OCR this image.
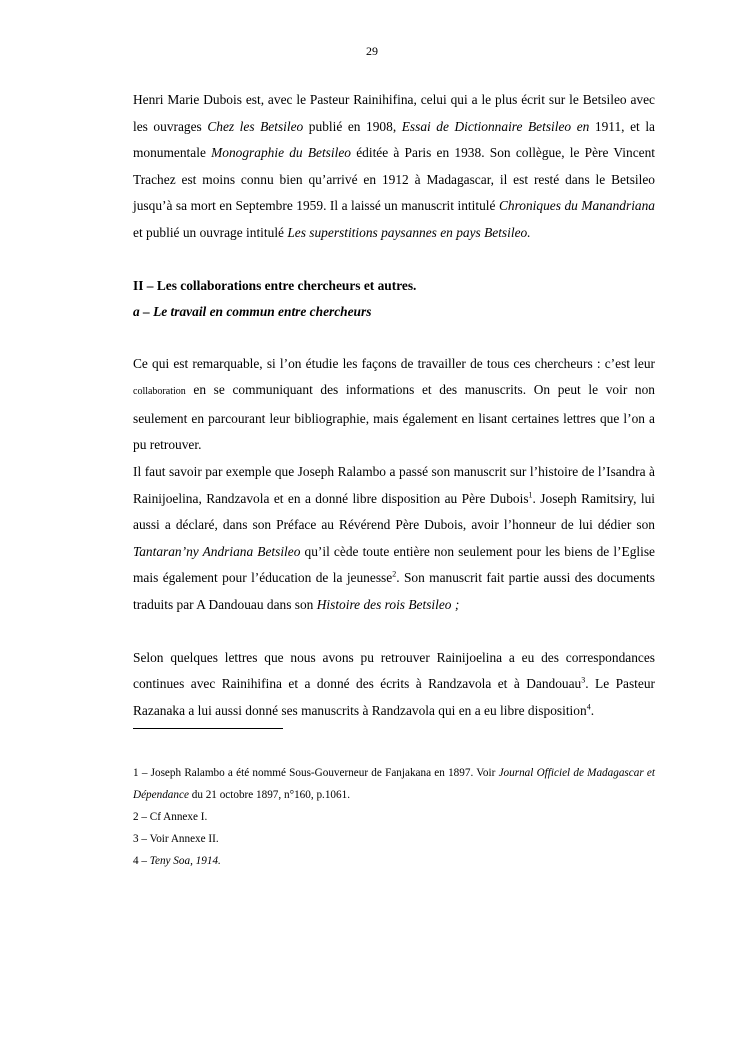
29

Henri Marie Dubois est, avec le Pasteur Rainihifina, celui qui a le plus écrit sur le Betsileo avec les ouvrages Chez les Betsileo publié en 1908, Essai de Dictionnaire Betsileo en 1911, et la monumentale Monographie du Betsileo éditée à Paris en 1938. Son collègue, le Père Vincent Trachez est moins connu bien qu’arrivé en 1912 à Madagascar, il est resté dans le Betsileo jusqu’à sa mort en Septembre 1959. Il a laissé un manuscrit intitulé Chroniques du Manandriana et publié un ouvrage intitulé Les superstitions paysannes en pays Betsileo.

II – Les collaborations entre chercheurs et autres.
a – Le travail en commun entre chercheurs

Ce qui est remarquable, si l’on étudie les façons de travailler de tous ces chercheurs : c’est leur collaboration en se communiquant des informations et des manuscrits. On peut le voir non seulement en parcourant leur bibliographie, mais également en lisant certaines lettres que l’on a pu retrouver.

Il faut savoir par exemple que Joseph Ralambo a passé son manuscrit sur l’histoire de l’Isandra à Rainijoelina, Randzavola et en a donné libre disposition au Père Dubois$^1$. Joseph Ramitsiry, lui aussi a déclaré, dans son Préface au Révérend Père Dubois, avoir l’honneur de lui dédier son Tantaran’ny Andriana Betsileo qu’il cède toute entière non seulement pour les biens de l’Eglise mais également pour l’éducation de la jeunesse$^2$. Son manuscrit fait partie aussi des documents traduits par A Dandouau dans son Histoire des rois Betsileo ;

Selon quelques lettres que nous avons pu retrouver Rainijoelina a eu des correspondances continues avec Rainihifina et a donné des écrits à Randzavola et à Dandouau$^3$. Le Pasteur Razanaka a lui aussi donné ses manuscrits à Randzavola qui en a eu libre disposition$^4$.

1 – Joseph Ralambo a été nommé Sous-Gouverneur de Fanjakana en 1897. Voir Journal Officiel de Madagascar et Dépendance du 21 octobre 1897, n°160, p.1061.

2 – Cf Annexe I.

3 – Voir Annexe II.

4 – Teny Soa, 1914.
